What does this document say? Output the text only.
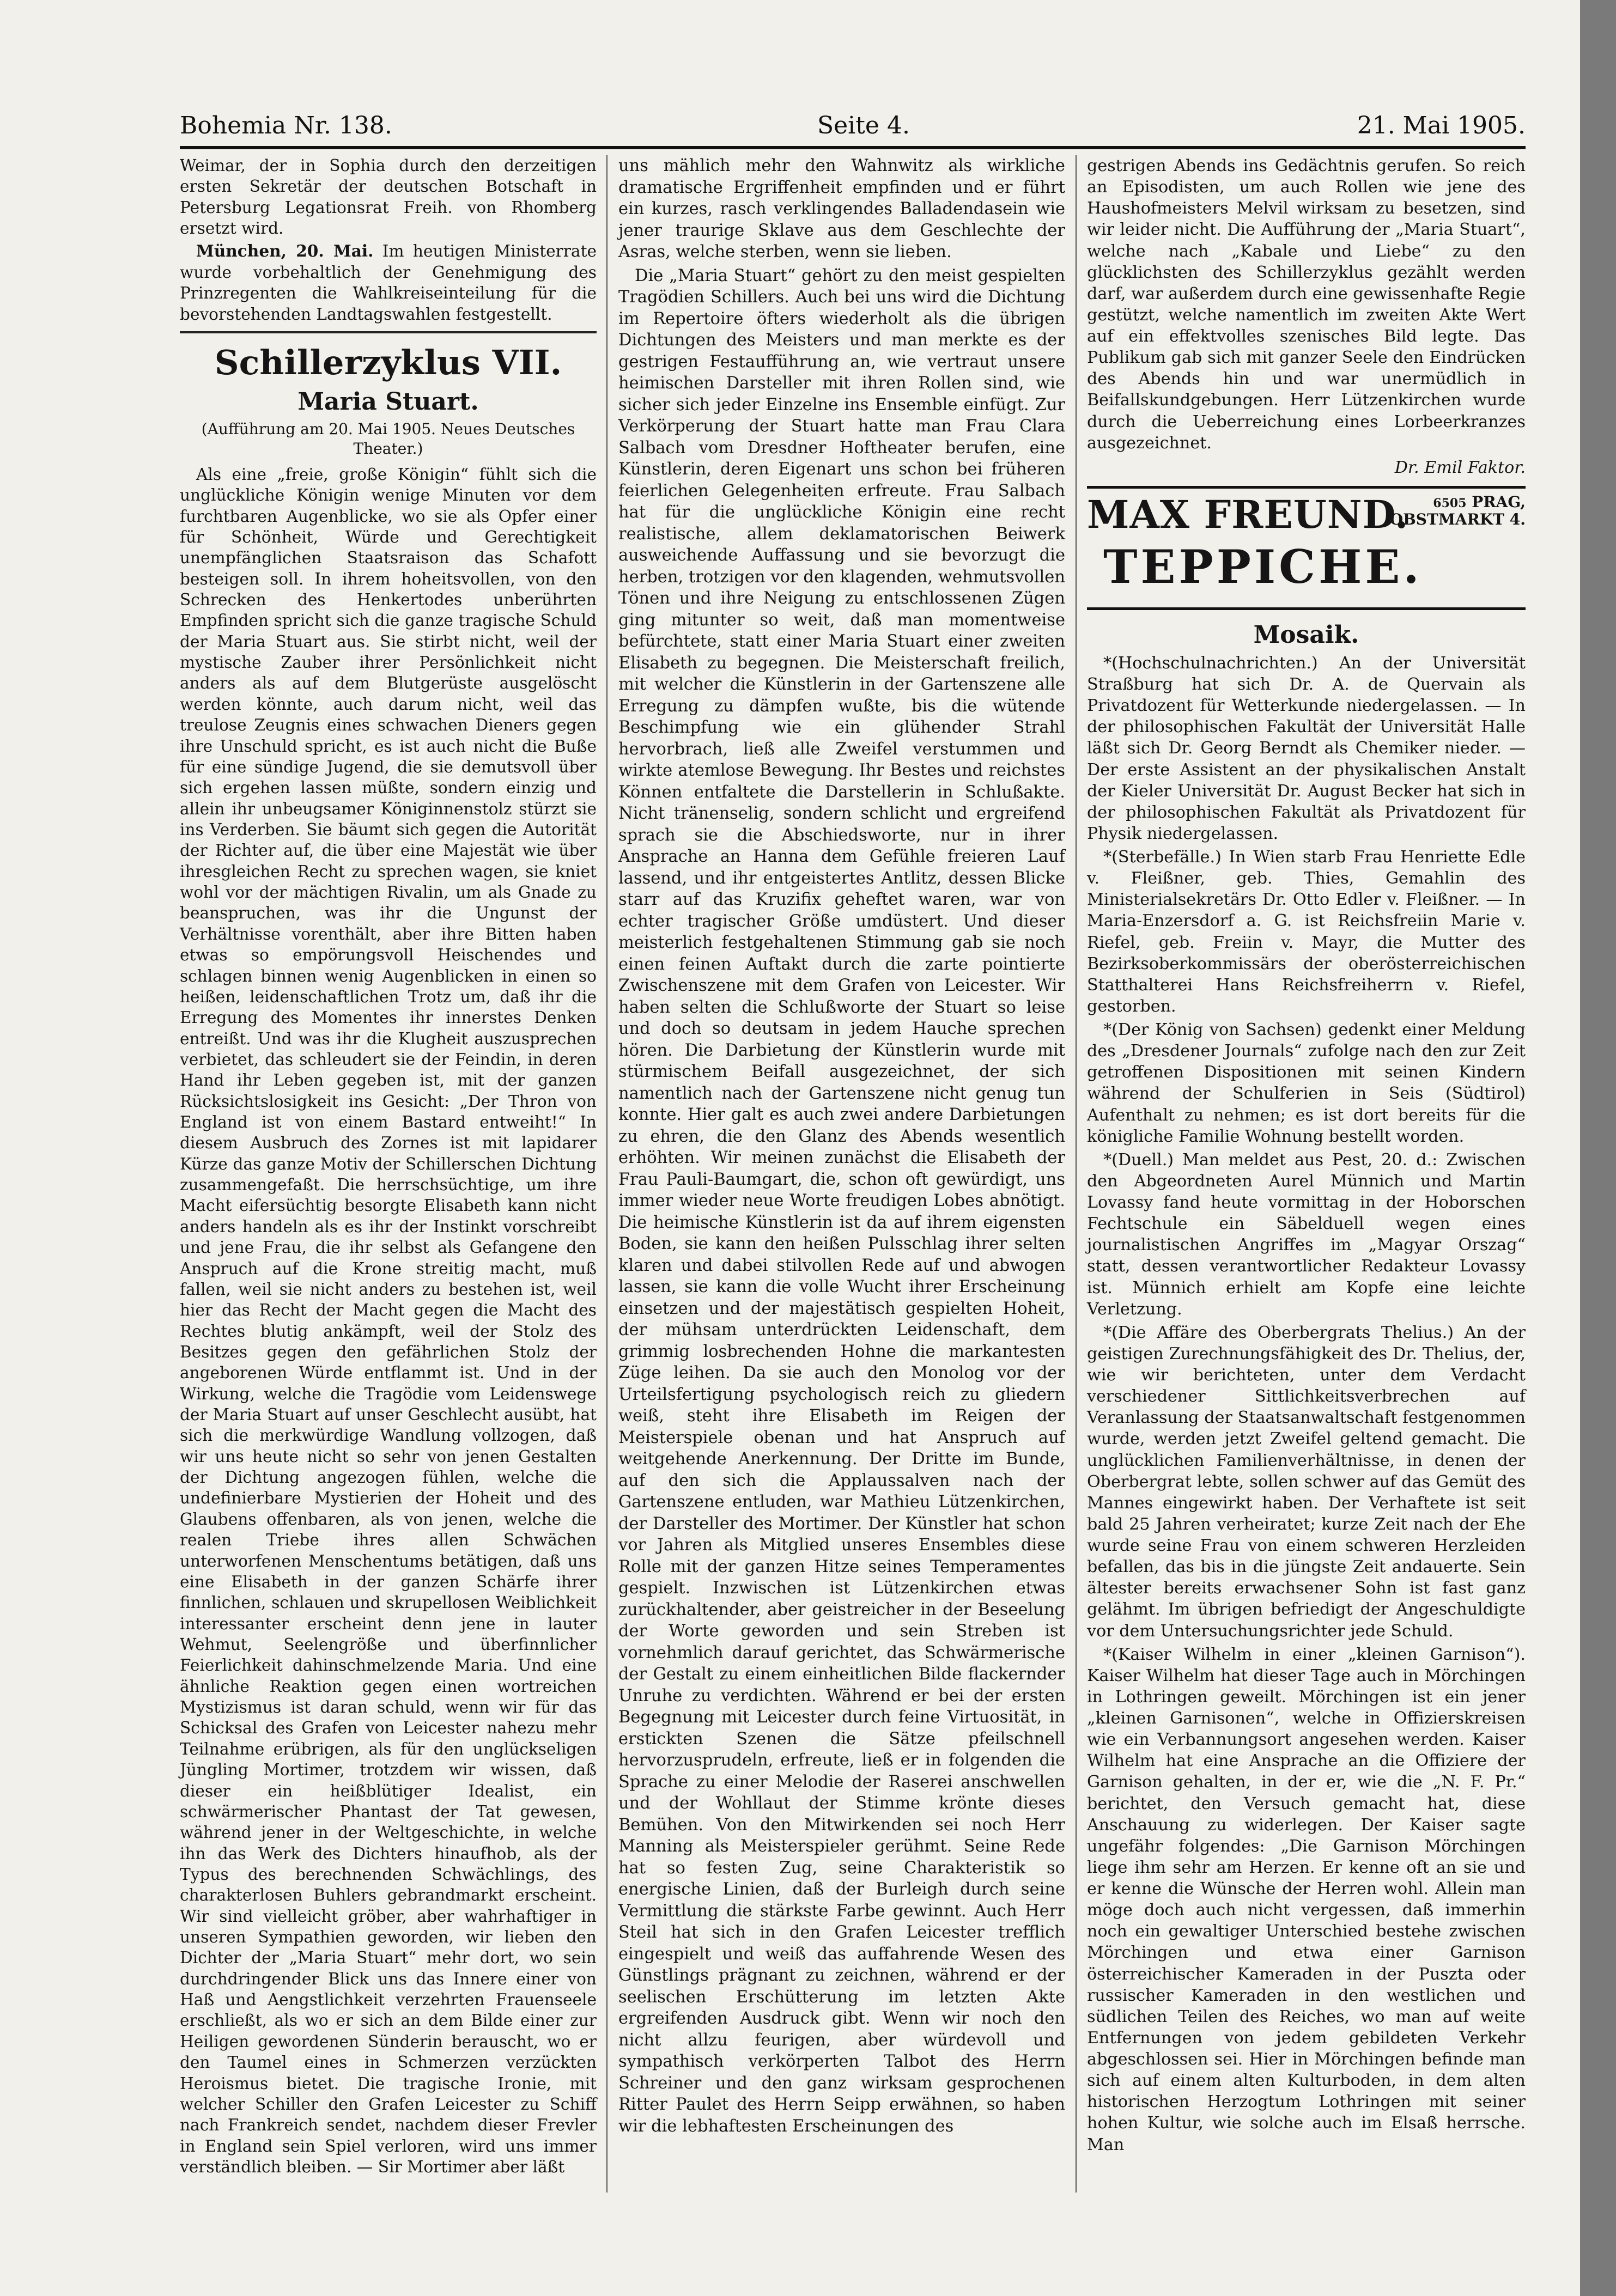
Bohemia Nr. 138.	Seite 4.	21. Mai 1905.

Weimar, der in Sophia durch den derzeitigen ersten Sekretär der deutschen Botschaft in Petersburg Legationsrat Freih. von Rhomberg ersetzt wird.

München, 20. Mai. Im heutigen Ministerrate wurde vorbehaltlich der Genehmigung des Prinzregenten die Wahlkreiseinteilung für die bevorstehenden Landtagswahlen festgestellt.

Schillerzyklus VII.
Maria Stuart.
(Aufführung am 20. Mai 1905. Neues Deutsches Theater.)

Als eine „freie, große Königin“ fühlt sich die unglückliche Königin wenige Minuten vor dem furchtbaren Augenblicke, wo sie als Opfer einer für Schönheit, Würde und Gerechtigkeit unempfänglichen Staatsraison das Schafott besteigen soll. In ihrem hoheitsvollen, von den Schrecken des Henkertodes unberührten Empfinden spricht sich die ganze tragische Schuld der Maria Stuart aus. Sie stirbt nicht, weil der mystische Zauber ihrer Persönlichkeit nicht anders als auf dem Blutgerüste ausgelöscht werden könnte, auch darum nicht, weil das treulose Zeugnis eines schwachen Dieners gegen ihre Unschuld spricht, es ist auch nicht die Buße für eine sündige Jugend, die sie demutsvoll über sich ergehen lassen müßte, sondern einzig und allein ihr unbeugsamer Königinnenstolz stürzt sie ins Verderben. Sie bäumt sich gegen die Autorität der Richter auf, die über eine Majestät wie über ihresgleichen Recht zu sprechen wagen, sie kniet wohl vor der mächtigen Rivalin, um als Gnade zu beanspruchen, was ihr die Ungunst der Verhältnisse vorenthält, aber ihre Bitten haben etwas so empörungsvoll Heischendes und schlagen binnen wenig Augenblicken in einen so heißen, leidenschaftlichen Trotz um, daß ihr die Erregung des Momentes ihr innerstes Denken entreißt. Und was ihr die Klugheit auszusprechen verbietet, das schleudert sie der Feindin, in deren Hand ihr Leben gegeben ist, mit der ganzen Rücksichtslosigkeit ins Gesicht: „Der Thron von England ist von einem Bastard entweiht!“ In diesem Ausbruch des Zornes ist mit lapidarer Kürze das ganze Motiv der Schillerschen Dichtung zusammengefaßt. Die herrschsüchtige, um ihre Macht eifersüchtig besorgte Elisabeth kann nicht anders handeln als es ihr der Instinkt vorschreibt und jene Frau, die ihr selbst als Gefangene den Anspruch auf die Krone streitig macht, muß fallen, weil sie nicht anders zu bestehen ist, weil hier das Recht der Macht gegen die Macht des Rechtes blutig ankämpft, weil der Stolz des Besitzes gegen den gefährlichen Stolz der angeborenen Würde entflammt ist. Und in der Wirkung, welche die Tragödie vom Leidenswege der Maria Stuart auf unser Geschlecht ausübt, hat sich die merkwürdige Wandlung vollzogen, daß wir uns heute nicht so sehr von jenen Gestalten der Dichtung angezogen fühlen, welche die undefinierbare Mystierien der Hoheit und des Glaubens offenbaren, als von jenen, welche die realen Triebe ihres allen Schwächen unterworfenen Menschentums betätigen, daß uns eine Elisabeth in der ganzen Schärfe ihrer finnlichen, schlauen und skrupellosen Weiblichkeit interessanter erscheint denn jene in lauter Wehmut, Seelengröße und überfinnlicher Feierlichkeit dahinschmelzende Maria. Und eine ähnliche Reaktion gegen einen wortreichen Mystizismus ist daran schuld, wenn wir für das Schicksal des Grafen von Leicester nahezu mehr Teilnahme erübrigen, als für den unglückseligen Jüngling Mortimer, trotzdem wir wissen, daß dieser ein heißblütiger Idealist, ein schwärmerischer Phantast der Tat gewesen, während jener in der Weltgeschichte, in welche ihn das Werk des Dichters hinaufhob, als der Typus des berechnenden Schwächlings, des charakterlosen Buhlers gebrandmarkt erscheint. Wir sind vielleicht gröber, aber wahrhaftiger in unseren Sympathien geworden, wir lieben den Dichter der „Maria Stuart“ mehr dort, wo sein durchdringender Blick uns das Innere einer von Haß und Aengstlichkeit verzehrten Frauenseele erschließt, als wo er sich an dem Bilde einer zur Heiligen gewordenen Sünderin berauscht, wo er den Taumel eines in Schmerzen verzückten Heroismus bietet. Die tragische Ironie, mit welcher Schiller den Grafen Leicester zu Schiff nach Frankreich sendet, nachdem dieser Frevler in England sein Spiel verloren, wird uns immer verständlich bleiben. — Sir Mortimer aber läßt

uns mählich mehr den Wahnwitz als wirkliche dramatische Ergriffenheit empfinden und er führt ein kurzes, rasch verklingendes Balladendasein wie jener traurige Sklave aus dem Geschlechte der Asras, welche sterben, wenn sie lieben.

Die „Maria Stuart“ gehört zu den meist gespielten Tragödien Schillers. Auch bei uns wird die Dichtung im Repertoire öfters wiederholt als die übrigen Dichtungen des Meisters und man merkte es der gestrigen Festaufführung an, wie vertraut unsere heimischen Darsteller mit ihren Rollen sind, wie sicher sich jeder Einzelne ins Ensemble einfügt. Zur Verkörperung der Stuart hatte man Frau Clara Salbach vom Dresdner Hoftheater berufen, eine Künstlerin, deren Eigenart uns schon bei früheren feierlichen Gelegenheiten erfreute. Frau Salbach hat für die unglückliche Königin eine recht realistische, allem deklamatorischen Beiwerk ausweichende Auffassung und sie bevorzugt die herben, trotzigen vor den klagenden, wehmutsvollen Tönen und ihre Neigung zu entschlossenen Zügen ging mitunter so weit, daß man momentweise befürchtete, statt einer Maria Stuart einer zweiten Elisabeth zu begegnen. Die Meisterschaft freilich, mit welcher die Künstlerin in der Gartenszene alle Erregung zu dämpfen wußte, bis die wütende Beschimpfung wie ein glühender Strahl hervorbrach, ließ alle Zweifel verstummen und wirkte atemlose Bewegung. Ihr Bestes und reichstes Können entfaltete die Darstellerin in Schlußakte. Nicht tränenselig, sondern schlicht und ergreifend sprach sie die Abschiedsworte, nur in ihrer Ansprache an Hanna dem Gefühle freieren Lauf lassend, und ihr entgeistertes Antlitz, dessen Blicke starr auf das Kruzifix geheftet waren, war von echter tragischer Größe umdüstert. Und dieser meisterlich festgehaltenen Stimmung gab sie noch einen feinen Auftakt durch die zarte pointierte Zwischenszene mit dem Grafen von Leicester. Wir haben selten die Schlußworte der Stuart so leise und doch so deutsam in jedem Hauche sprechen hören. Die Darbietung der Künstlerin wurde mit stürmischem Beifall ausgezeichnet, der sich namentlich nach der Gartenszene nicht genug tun konnte. Hier galt es auch zwei andere Darbietungen zu ehren, die den Glanz des Abends wesentlich erhöhten. Wir meinen zunächst die Elisabeth der Frau Pauli-Baumgart, die, schon oft gewürdigt, uns immer wieder neue Worte freudigen Lobes abnötigt. Die heimische Künstlerin ist da auf ihrem eigensten Boden, sie kann den heißen Pulsschlag ihrer selten klaren und dabei stilvollen Rede auf und abwogen lassen, sie kann die volle Wucht ihrer Erscheinung einsetzen und der majestätisch gespielten Hoheit, der mühsam unterdrückten Leidenschaft, dem grimmig losbrechenden Hohne die markantesten Züge leihen. Da sie auch den Monolog vor der Urteilsfertigung psychologisch reich zu gliedern weiß, steht ihre Elisabeth im Reigen der Meisterspiele obenan und hat Anspruch auf weitgehende Anerkennung. Der Dritte im Bunde, auf den sich die Applaussalven nach der Gartenszene entluden, war Mathieu Lützenkirchen, der Darsteller des Mortimer. Der Künstler hat schon vor Jahren als Mitglied unseres Ensembles diese Rolle mit der ganzen Hitze seines Temperamentes gespielt. Inzwischen ist Lützenkirchen etwas zurückhaltender, aber geistreicher in der Beseelung der Worte geworden und sein Streben ist vornehmlich darauf gerichtet, das Schwärmerische der Gestalt zu einem einheitlichen Bilde flackernder Unruhe zu verdichten. Während er bei der ersten Begegnung mit Leicester durch feine Virtuosität, in erstickten Szenen die Sätze pfeilschnell hervorzusprudeln, erfreute, ließ er in folgenden die Sprache zu einer Melodie der Raserei anschwellen und der Wohllaut der Stimme krönte dieses Bemühen. Von den Mitwirkenden sei noch Herr Manning als Meisterspieler gerühmt. Seine Rede hat so festen Zug, seine Charakteristik so energische Linien, daß der Burleigh durch seine Vermittlung die stärkste Farbe gewinnt. Auch Herr Steil hat sich in den Grafen Leicester trefflich eingespielt und weiß das auffahrende Wesen des Günstlings prägnant zu zeichnen, während er der seelischen Erschütterung im letzten Akte ergreifenden Ausdruck gibt. Wenn wir noch den nicht allzu feurigen, aber würdevoll und sympathisch verkörperten Talbot des Herrn Schreiner und den ganz wirksam gesprochenen Ritter Paulet des Herrn Seipp erwähnen, so haben wir die lebhaftesten Erscheinungen des

gestrigen Abends ins Gedächtnis gerufen. So reich an Episodisten, um auch Rollen wie jene des Haushofmeisters Melvil wirksam zu besetzen, sind wir leider nicht. Die Aufführung der „Maria Stuart“, welche nach „Kabale und Liebe“ zu den glücklichsten des Schillerzyklus gezählt werden darf, war außerdem durch eine gewissenhafte Regie gestützt, welche namentlich im zweiten Akte Wert auf ein effektvolles szenisches Bild legte. Das Publikum gab sich mit ganzer Seele den Eindrücken des Abends hin und war unermüdlich in Beifallskundgebungen. Herr Lützenkirchen wurde durch die Ueberreichung eines Lorbeerkranzes ausgezeichnet.

Dr. Emil Faktor.
MAX FREUND.	6505 PRAG,
OBSTMARKT 4.
TEPPICHE.
Mosaik.

*(Hochschulnachrichten.) An der Universität Straßburg hat sich Dr. A. de Quervain als Privatdozent für Wetterkunde niedergelassen. — In der philosophischen Fakultät der Universität Halle läßt sich Dr. Georg Berndt als Chemiker nieder. — Der erste Assistent an der physikalischen Anstalt der Kieler Universität Dr. August Becker hat sich in der philosophischen Fakultät als Privatdozent für Physik niedergelassen.

*(Sterbefälle.) In Wien starb Frau Henriette Edle v. Fleißner, geb. Thies, Gemahlin des Ministerialsekretärs Dr. Otto Edler v. Fleißner. — In Maria-Enzersdorf a. G. ist Reichsfreiin Marie v. Riefel, geb. Freiin v. Mayr, die Mutter des Bezirksoberkommissärs der oberösterreichischen Statthalterei Hans Reichsfreiherrn v. Riefel, gestorben.

*(Der König von Sachsen) gedenkt einer Meldung des „Dresdener Journals“ zufolge nach den zur Zeit getroffenen Dispositionen mit seinen Kindern während der Schulferien in Seis (Südtirol) Aufenthalt zu nehmen; es ist dort bereits für die königliche Familie Wohnung bestellt worden.

*(Duell.) Man meldet aus Pest, 20. d.: Zwischen den Abgeordneten Aurel Münnich und Martin Lovassy fand heute vormittag in der Hoborschen Fechtschule ein Säbelduell wegen eines journalistischen Angriffes im „Magyar Orszag“ statt, dessen verantwortlicher Redakteur Lovassy ist. Münnich erhielt am Kopfe eine leichte Verletzung.

*(Die Affäre des Oberbergrats Thelius.) An der geistigen Zurechnungsfähigkeit des Dr. Thelius, der, wie wir berichteten, unter dem Verdacht verschiedener Sittlichkeitsverbrechen auf Veranlassung der Staatsanwaltschaft festgenommen wurde, werden jetzt Zweifel geltend gemacht. Die unglücklichen Familienverhältnisse, in denen der Oberbergrat lebte, sollen schwer auf das Gemüt des Mannes eingewirkt haben. Der Verhaftete ist seit bald 25 Jahren verheiratet; kurze Zeit nach der Ehe wurde seine Frau von einem schweren Herzleiden befallen, das bis in die jüngste Zeit andauerte. Sein ältester bereits erwachsener Sohn ist fast ganz gelähmt. Im übrigen befriedigt der Angeschuldigte vor dem Untersuchungsrichter jede Schuld.

*(Kaiser Wilhelm in einer „kleinen Garnison“). Kaiser Wilhelm hat dieser Tage auch in Mörchingen in Lothringen geweilt. Mörchingen ist ein jener „kleinen Garnisonen“, welche in Offizierskreisen wie ein Verbannungsort angesehen werden. Kaiser Wilhelm hat eine Ansprache an die Offiziere der Garnison gehalten, in der er, wie die „N. F. Pr.“ berichtet, den Versuch gemacht hat, diese Anschauung zu widerlegen. Der Kaiser sagte ungefähr folgendes: „Die Garnison Mörchingen liege ihm sehr am Herzen. Er kenne oft an sie und er kenne die Wünsche der Herren wohl. Allein man möge doch auch nicht vergessen, daß immerhin noch ein gewaltiger Unterschied bestehe zwischen Mörchingen und etwa einer Garnison österreichischer Kameraden in der Puszta oder russischer Kameraden in den westlichen und südlichen Teilen des Reiches, wo man auf weite Entfernungen von jedem gebildeten Verkehr abgeschlossen sei. Hier in Mörchingen befinde man sich auf einem alten Kulturboden, in dem alten historischen Herzogtum Lothringen mit seiner hohen Kultur, wie solche auch im Elsaß herrsche. Man
